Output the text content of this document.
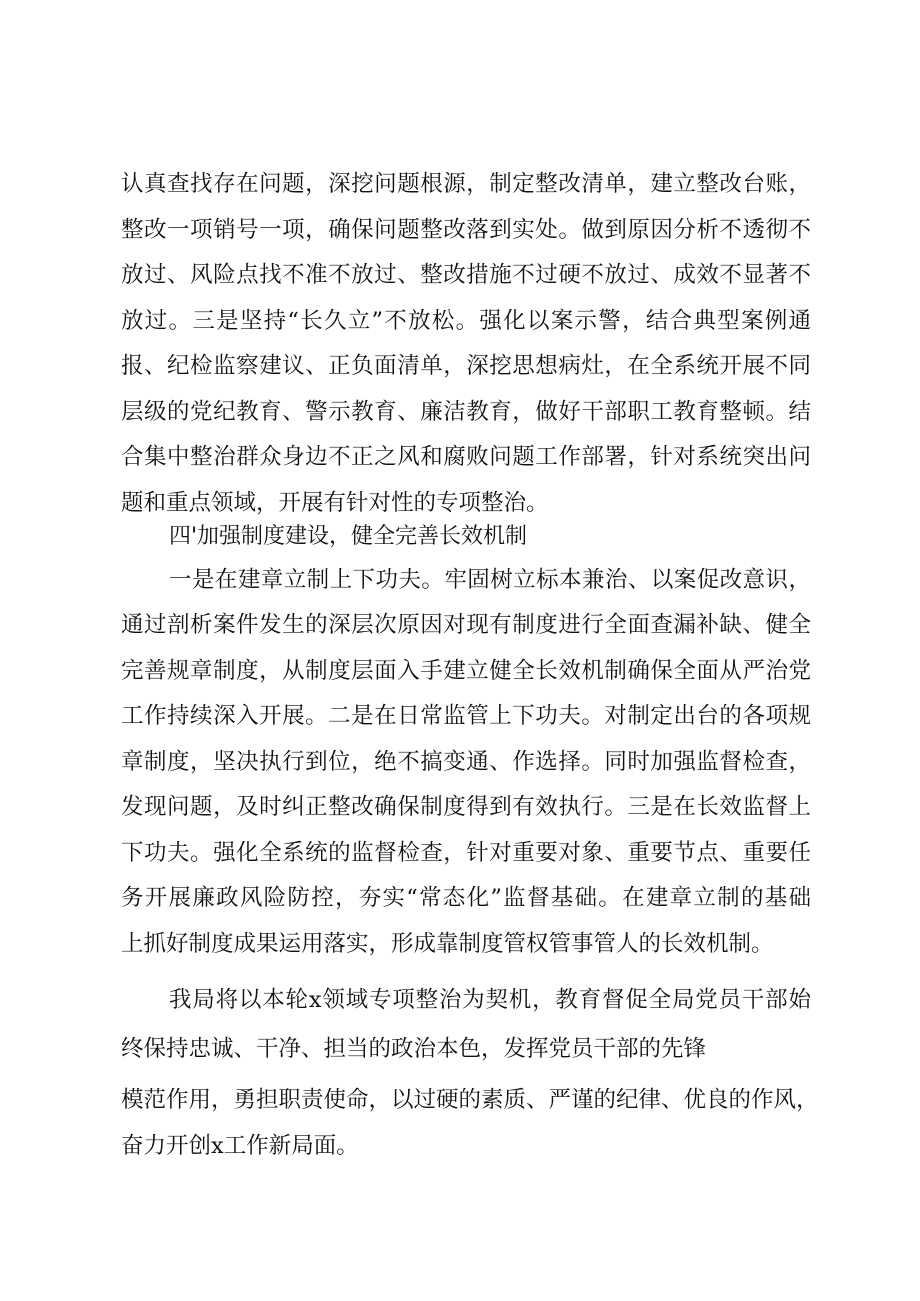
认真查找存在问题，深挖问题根源，制定整改清单，建立整改台账，
整改一项销号一项，确保问题整改落到实处。做到原因分析不透彻不
放过、风险点找不准不放过、整改措施不过硬不放过、成效不显著不
放过。三是坚持“长久立”不放松。强化以案示警，结合典型案例通
报、纪检监察建议、正负面清单，深挖思想病灶，在全系统开展不同
层级的党纪教育、警示教育、廉洁教育，做好干部职工教育整顿。结
合集中整治群众身边不正之风和腐败问题工作部署，针对系统突出问
题和重点领域，开展有针对性的专项整治。
四'加强制度建设，健全完善长效机制
一是在建章立制上下功夫。牢固树立标本兼治、以案促改意识，
通过剖析案件发生的深层次原因对现有制度进行全面查漏补缺、健全
完善规章制度，从制度层面入手建立健全长效机制确保全面从严治党
工作持续深入开展。二是在日常监管上下功夫。对制定出台的各项规
章制度，坚决执行到位，绝不搞变通、作选择。同时加强监督检查，
发现问题，及时纠正整改确保制度得到有效执行。三是在长效监督上
下功夫。强化全系统的监督检查，针对重要对象、重要节点、重要任
务开展廉政风险防控，夯实“常态化”监督基础。在建章立制的基础
上抓好制度成果运用落实，形成靠制度管权管事管人的长效机制。
我局将以本轮x领域专项整治为契机，教育督促全局党员干部始
终保持忠诚、干净、担当的政治本色，发挥党员干部的先锋
模范作用，勇担职责使命，以过硬的素质、严谨的纪律、优良的作风，
奋力开创x工作新局面。
